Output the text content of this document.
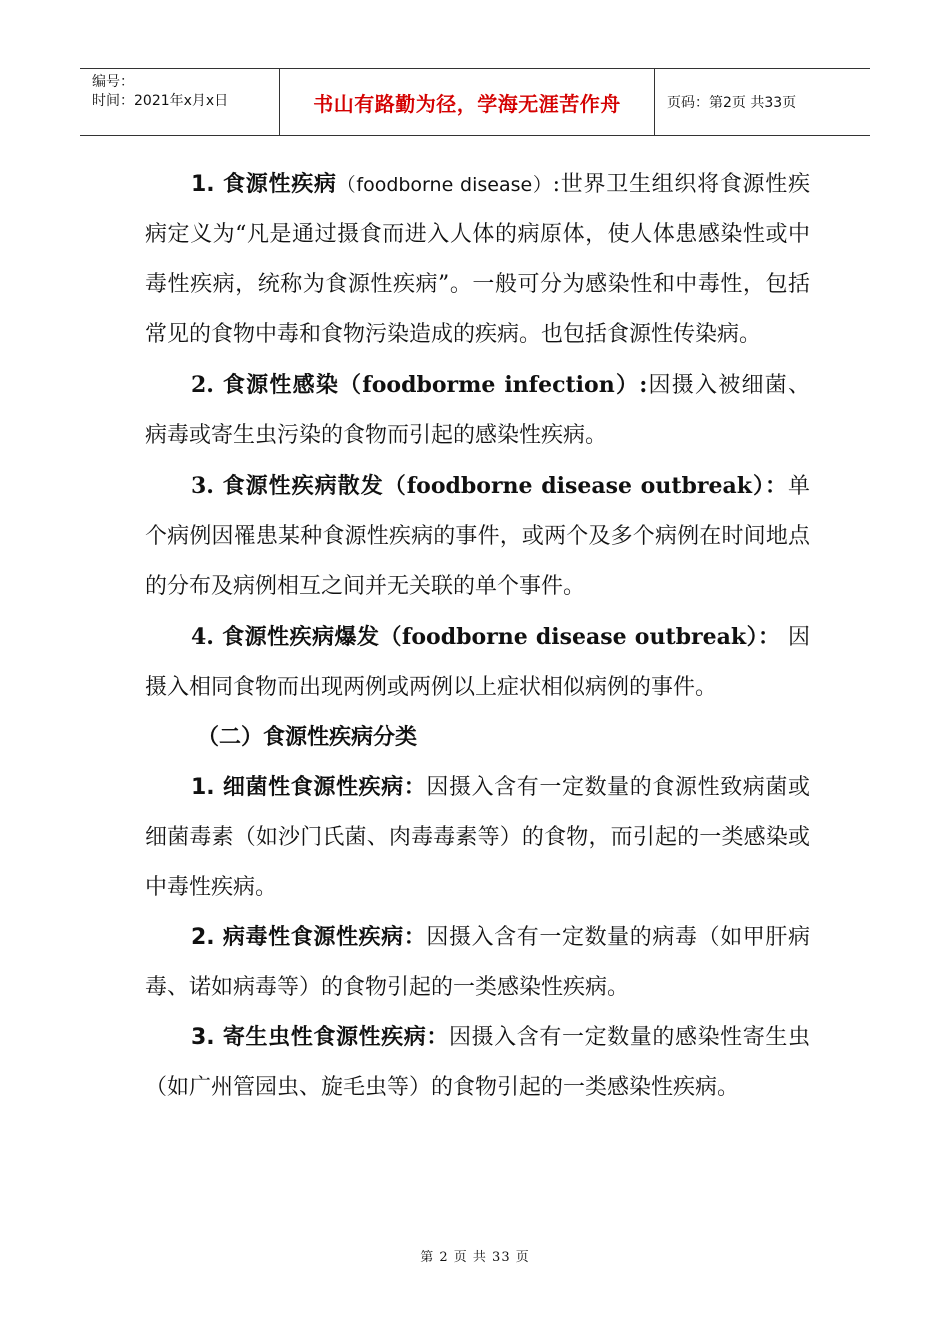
编号：
时间：2021年x月x日	书山有路勤为径，学海无涯苦作舟	页码：第2页 共33页

1. 食源性疾病（foodborne disease）:世界卫生组织将食源性疾病定义为“凡是通过摄食而进入人体的病原体，使人体患感染性或中毒性疾病，统称为食源性疾病”。一般可分为感染性和中毒性，包括常见的食物中毒和食物污染造成的疾病。也包括食源性传染病。

2. 食源性感染（foodborme infection）:因摄入被细菌、病毒或寄生虫污染的食物而引起的感染性疾病。

3. 食源性疾病散发（foodborne disease outbreak）：单个病例因罹患某种食源性疾病的事件，或两个及多个病例在时间地点的分布及病例相互之间并无关联的单个事件。

4. 食源性疾病爆发（foodborne disease outbreak）： 因摄入相同食物而出现两例或两例以上症状相似病例的事件。

（二）食源性疾病分类

1. 细菌性食源性疾病：因摄入含有一定数量的食源性致病菌或细菌毒素（如沙门氏菌、肉毒毒素等）的食物，而引起的一类感染或中毒性疾病。

2. 病毒性食源性疾病：因摄入含有一定数量的病毒（如甲肝病毒、诺如病毒等）的食物引起的一类感染性疾病。

3. 寄生虫性食源性疾病：因摄入含有一定数量的感染性寄生虫（如广州管园虫、旋毛虫等）的食物引起的一类感染性疾病。

第 2 页 共 33 页
